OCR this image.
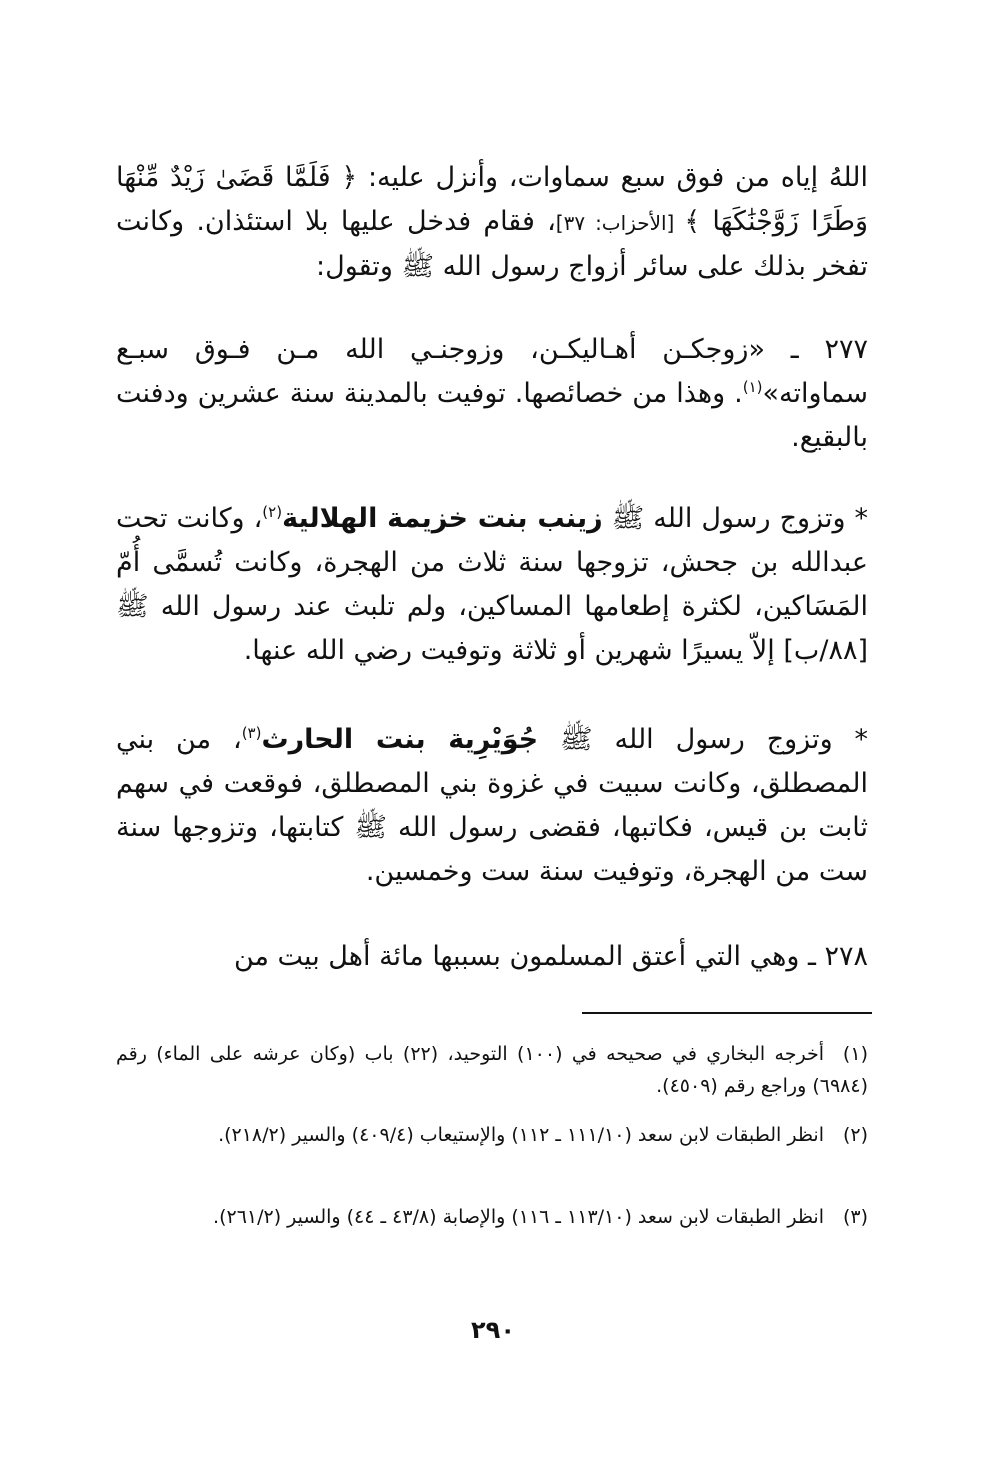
اللهُ إياه من فوق سبع سماوات، وأنزل عليه: ﴿ فَلَمَّا قَضَىٰ زَيْدٌ مِّنْهَا وَطَرًا زَوَّجْنَٰكَهَا ﴾ [الأحزاب: ٣٧]، فقام فدخل عليها بلا استئذان. وكانت تفخر بذلك على سائر أزواج رسول الله ﷺ وتقول:
٢٧٧ ـ «زوجكـن أهـاليكـن، وزوجنـي الله مـن فـوق سبـع سماواته»$^{(١)}$. وهذا من خصائصها. توفيت بالمدينة سنة عشرين ودفنت بالبقيع.
* وتزوج رسول الله ﷺ زينب بنت خزيمة الهلالية$^{(٢)}$، وكانت تحت عبدالله بن جحش، تزوجها سنة ثلاث من الهجرة، وكانت تُسمَّى أُمّ المَسَاكين، لكثرة إطعامها المساكين، ولم تلبث عند رسول الله ﷺ [٨٨/ب] إلاّ يسيرًا شهرين أو ثلاثة وتوفيت رضي الله عنها.
* وتزوج رسول الله ﷺ جُوَيْرِية بنت الحارث$^{(٣)}$، من بني المصطلق، وكانت سبيت في غزوة بني المصطلق، فوقعت في سهم ثابت بن قيس، فكاتبها، فقضى رسول الله ﷺ كتابتها، وتزوجها سنة ست من الهجرة، وتوفيت سنة ست وخمسين.
٢٧٨ ـ وهي التي أعتق المسلمون بسببها مائة أهل بيت من
(١)أخرجه البخاري في صحيحه في (١٠٠) التوحيد، (٢٢) باب (وكان عرشه على الماء) رقم (٦٩٨٤) وراجع رقم (٤٥٠٩).
(٢)انظر الطبقات لابن سعد (١١١/١٠ ـ ١١٢) والإستيعاب (٤٠٩/٤) والسير (٢١٨/٢).
(٣)انظر الطبقات لابن سعد (١١٣/١٠ ـ ١١٦) والإصابة (٤٣/٨ ـ ٤٤) والسير (٢٦١/٢).
٢٩٠
